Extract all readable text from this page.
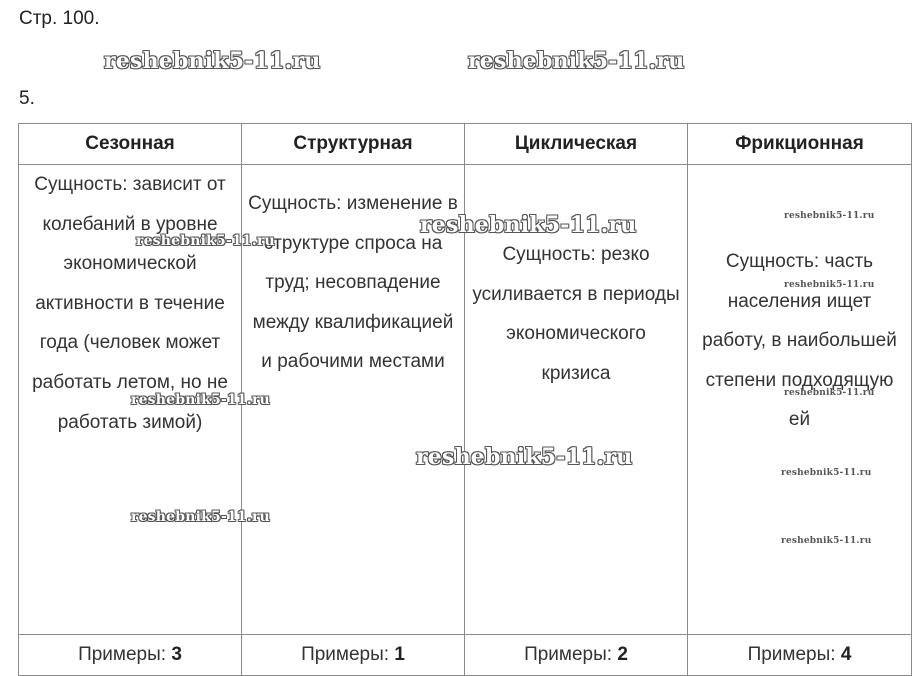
Стр. 100.
5.
Сезонная	Структурная	Циклическая	Фрикционная

Сущность: зависит от колебаний в уровне экономической активности в течение года (человек может работать летом, но не работать зимой)	Сущность: изменение в структуре спроса на труд; несовпадение между квалификацией и рабочими местами	Сущность: резко усиливается в периоды экономического кризиса	Сущность: часть населения ищет работу, в наибольшей степени подходящую ей

Примеры: 3	Примеры: 1	Примеры: 2	Примеры: 4
reshebnik5-11.ru	reshebnik5-11.ru
reshebnik5-11.ru
reshebnik5-11.ru
reshebnik5-11.ru
reshebnik5-11.ru
reshebnik5-11.ru
reshebnik5-11.ru
reshebnik5-11.ru
reshebnik5-11.ru
reshebnik5-11.ru
reshebnik5-11.ru
